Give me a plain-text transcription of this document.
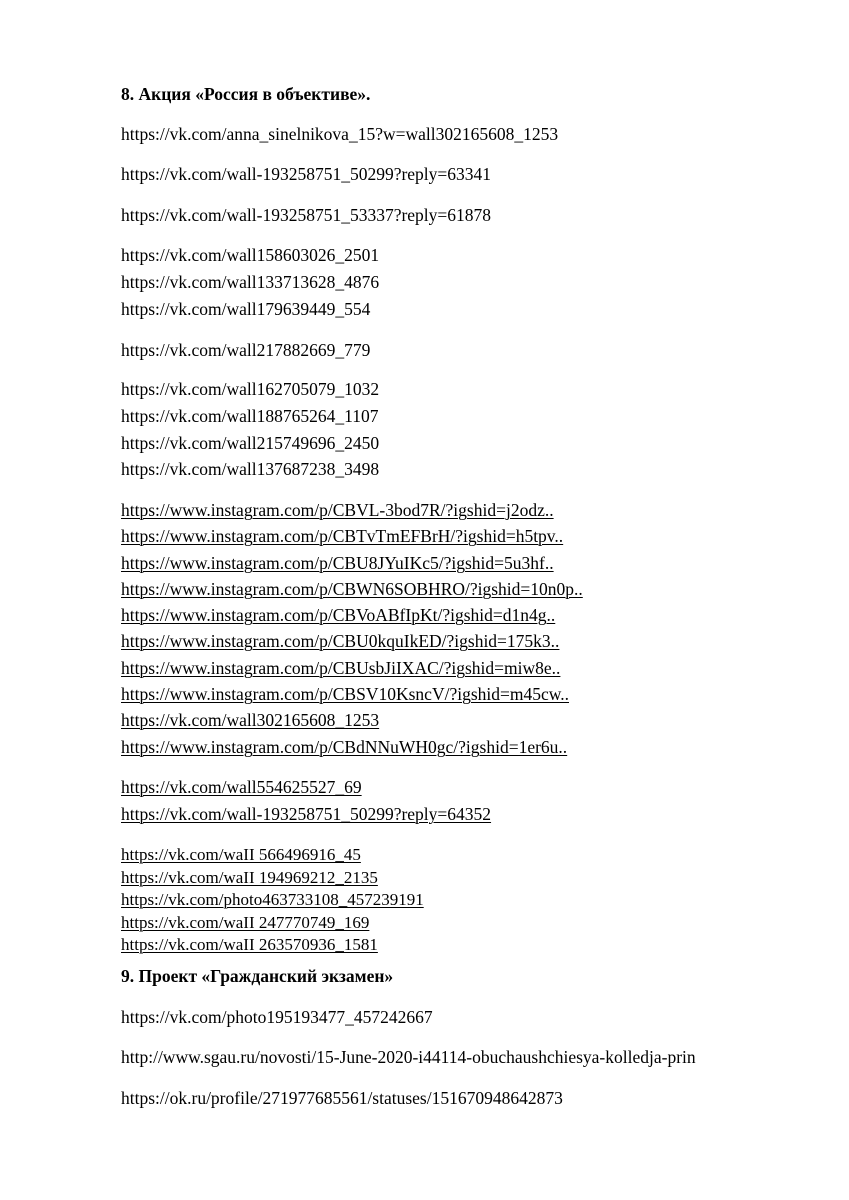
8. Акция «Россия в объективе».
https://vk.com/anna_sinelnikova_15?w=wall302165608_1253
https://vk.com/wall-193258751_50299?reply=63341
https://vk.com/wall-193258751_53337?reply=61878
https://vk.com/wall158603026_2501
https://vk.com/wall133713628_4876
https://vk.com/wall179639449_554
https://vk.com/wall217882669_779
https://vk.com/wall162705079_1032
https://vk.com/wall188765264_1107
https://vk.com/wall215749696_2450
https://vk.com/wall137687238_3498
https://www.instagram.com/p/CBVL-3bod7R/?igshid=j2odz..
https://www.instagram.com/p/CBTvTmEFBrH/?igshid=h5tpv..
https://www.instagram.com/p/CBU8JYuIKc5/?igshid=5u3hf..
https://www.instagram.com/p/CBWN6SOBHRO/?igshid=10n0p..
https://www.instagram.com/p/CBVoABfIpKt/?igshid=d1n4g..
https://www.instagram.com/p/CBU0kquIkED/?igshid=175k3..
https://www.instagram.com/p/CBUsbJiIXAC/?igshid=miw8e..
https://www.instagram.com/p/CBSV10KsncV/?igshid=m45cw..
https://vk.com/wall302165608_1253
https://www.instagram.com/p/CBdNNuWH0gc/?igshid=1er6u..
https://vk.com/wall554625527_69
https://vk.com/wall-193258751_50299?reply=64352
https://vk.com/waII 566496916_45
https://vk.com/waII 194969212_2135
https://vk.com/photo463733108_457239191
https://vk.com/waII 247770749_169
https://vk.com/waII 263570936_1581
9. Проект «Гражданский экзамен»
https://vk.com/photo195193477_457242667
http://www.sgau.ru/novosti/15-June-2020-i44114-obuchaushchiesya-kolledja-prin
https://ok.ru/profile/271977685561/statuses/151670948642873
